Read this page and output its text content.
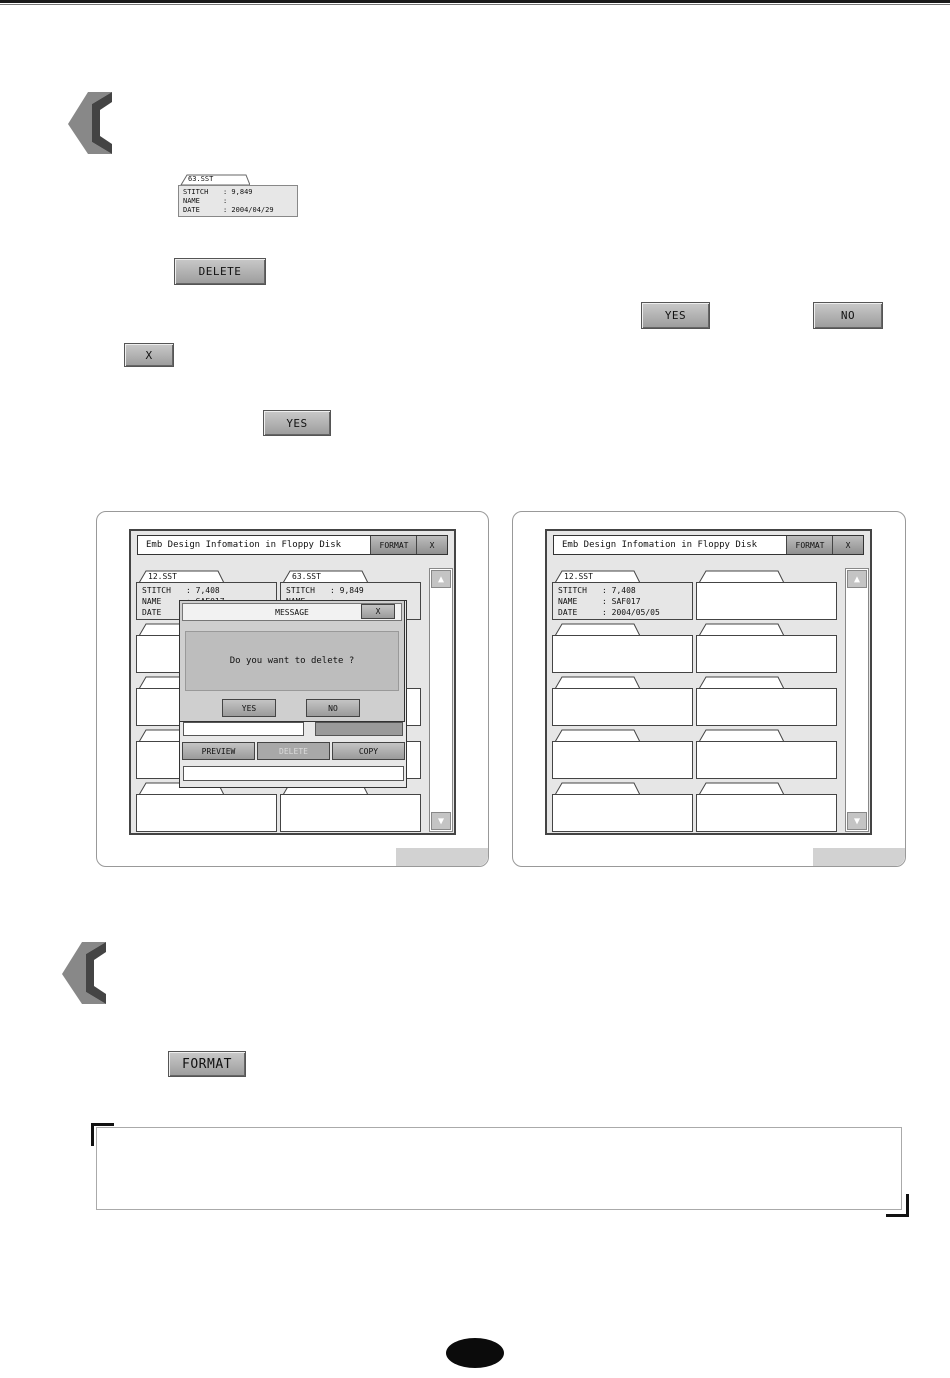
63.SST
STITCH : 9,849
NAME	:
DATE	: 2004/04/29
DELETE
YES	NO
X
YES
Emb Design Infomation in Floppy Disk	FORMAT	X
12.SST
STITCH : 7,408
NAME
DATE
63.SST
STITCH : 9,849
▲
▼
PREVIEW	DELETE	COPY
MESSAGE	X
Do you want to delete ?
YES	NO
Emb Design Infomation in Floppy Disk	FORMAT	X
12.SST
STITCH : 7,408
NAME	: SAF017
DATE	: 2004/05/05
▲
▼
FORMAT
